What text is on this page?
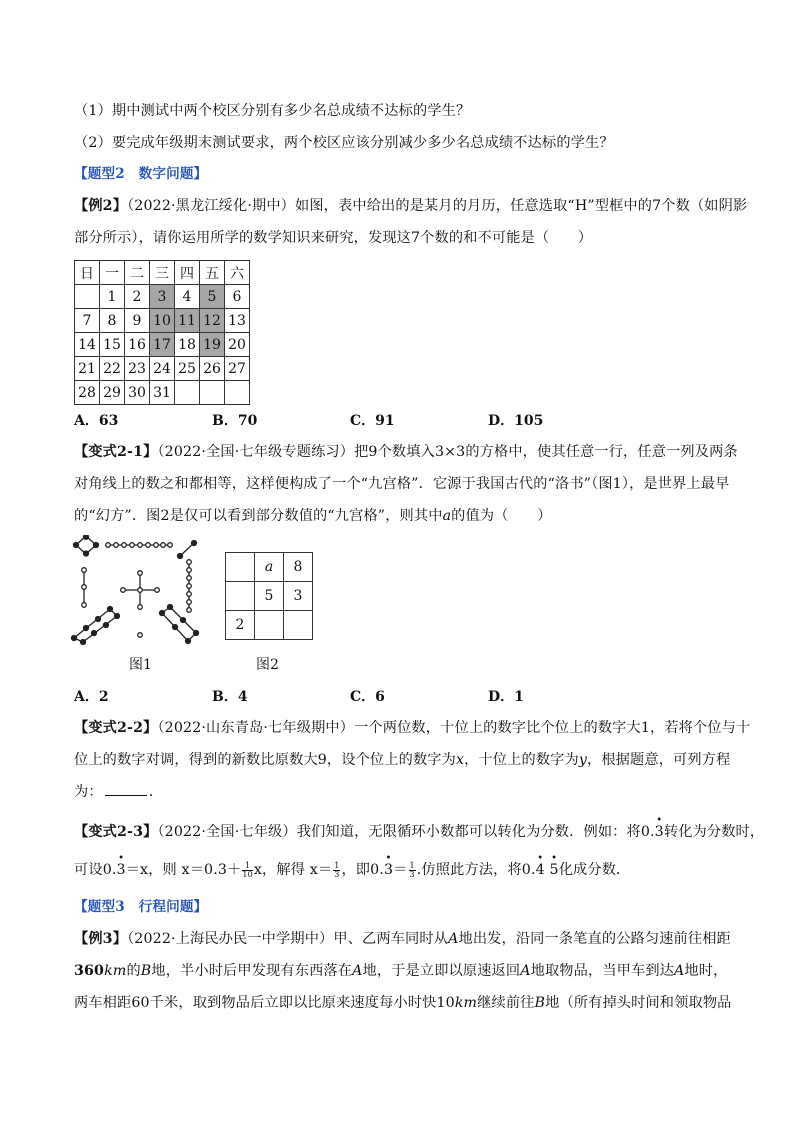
（1）期中测试中两个校区分别有多少名总成绩不达标的学生？
（2）要完成年级期末测试要求，两个校区应该分别减少多少名总成绩不达标的学生？
【题型2　数字问题】
【例2】（2022·黑龙江绥化·期中）如图，表中给出的是某月的月历，任意选取“H”型框中的7个数（如阴影
部分所示），请你运用所学的数学知识来研究，发现这7个数的和不可能是（　　）
日	一	二	三	四	五	六
	1	2	3	4	5	6
7	8	9	10	11	12	13
14	15	16	17	18	19	20
21	22	23	24	25	26	27
28	29	30	31			
A．63	B．70	C．91	D．105
【变式2-1】（2022·全国·七年级专题练习）把9个数填入3×3的方格中，使其任意一行，任意一列及两条
对角线上的数之和都相等，这样便构成了一个“九宫格”．它源于我国古代的“洛书”（图1），是世界上最早
的“幻方”．图2是仅可以看到部分数值的“九宫格”，则其中a的值为（　　）
	a	8
	5	3
2		
图1	图2
A．2	B．4	C．6	D．1
【变式2-2】（2022·山东青岛·七年级期中）一个两位数，十位上的数字比个位上的数字大1，若将个位与十
位上的数字对调，得到的新数比原数大9，设个位上的数字为x，十位上的数字为y，根据题意，可列方程
为：	．
【变式2-3】（2022·全国·七年级）我们知道，无限循环小数都可以转化为分数．例如：将0.• 3转化为分数时，
可设0.• 3＝x，则 $x=0.3+ \frac{1}{10}$ x，解得 $x= \frac{1}{3}$ ，即0.• $3= \frac{1}{3}$ .仿照此方法，将0.• 4 • 5化成分数．
【题型3　行程问题】
【例3】（2022·上海民办民一中学期中）甲、乙两车同时从A地出发，沿同一条笔直的公路匀速前往相距
360km的B地，半小时后甲发现有东西落在A地，于是立即以原速返回A地取物品，当甲车到达A地时，
两车相距60千米，取到物品后立即以比原来速度每小时快10km继续前往B地（所有掉头时间和领取物品
